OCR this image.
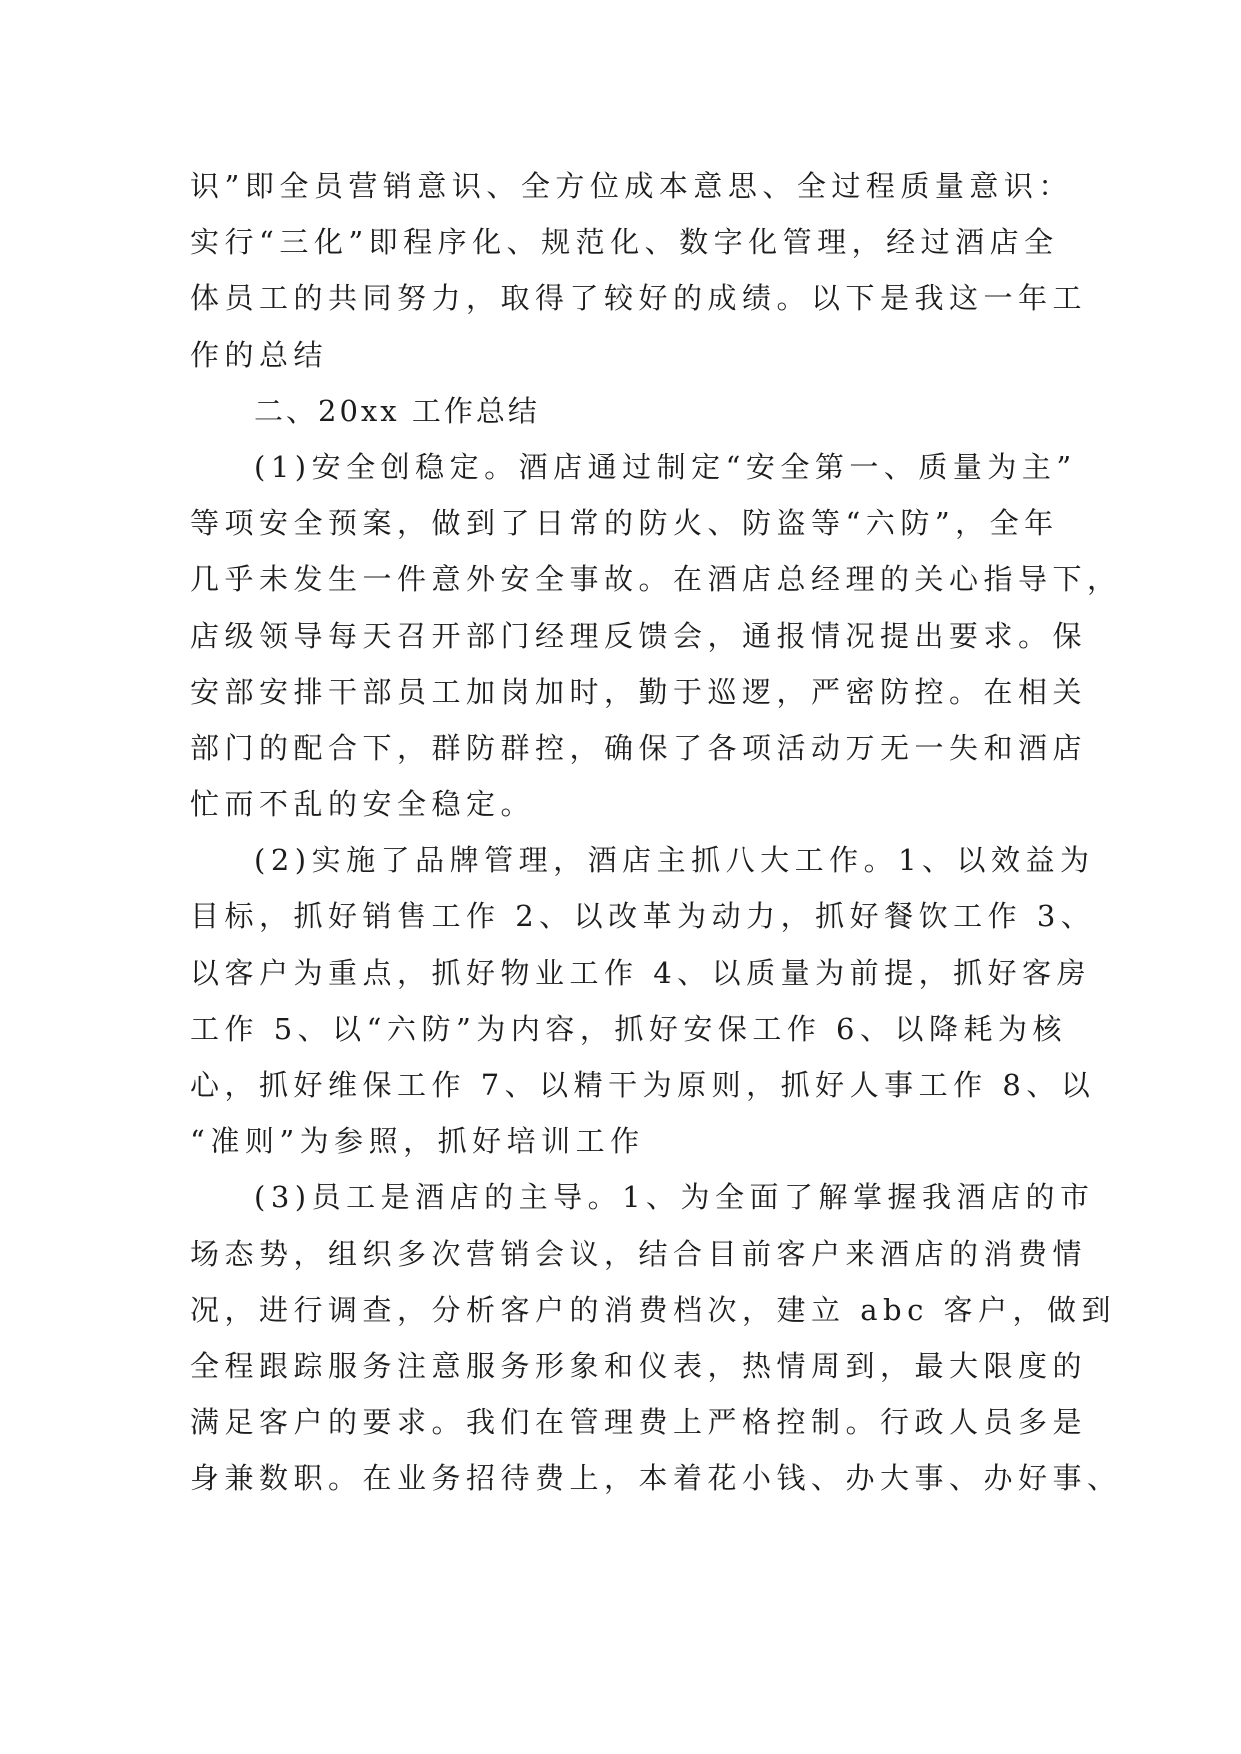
识”即全员营销意识、全方位成本意思、全过程质量意识：
实行“三化”即程序化、规范化、数字化管理，经过酒店全
体员工的共同努力，取得了较好的成绩。以下是我这一年工
作的总结
二、20xx 工作总结
(1)安全创稳定。酒店通过制定“安全第一、质量为主”
等项安全预案，做到了日常的防火、防盗等“六防”，全年
几乎未发生一件意外安全事故。在酒店总经理的关心指导下，
店级领导每天召开部门经理反馈会，通报情况提出要求。保
安部安排干部员工加岗加时，勤于巡逻，严密防控。在相关
部门的配合下，群防群控，确保了各项活动万无一失和酒店
忙而不乱的安全稳定。
(2)实施了品牌管理，酒店主抓八大工作。1、以效益为
目标，抓好销售工作 2、以改革为动力，抓好餐饮工作 3、
以客户为重点，抓好物业工作 4、以质量为前提，抓好客房
工作 5、以“六防”为内容，抓好安保工作 6、以降耗为核
心，抓好维保工作 7、以精干为原则，抓好人事工作 8、以
“准则”为参照，抓好培训工作
(3)员工是酒店的主导。1、为全面了解掌握我酒店的市
场态势，组织多次营销会议，结合目前客户来酒店的消费情
况，进行调查，分析客户的消费档次，建立 abc 客户，做到
全程跟踪服务注意服务形象和仪表，热情周到，最大限度的
满足客户的要求。我们在管理费上严格控制。行政人员多是
身兼数职。在业务招待费上，本着花小钱、办大事、办好事、
